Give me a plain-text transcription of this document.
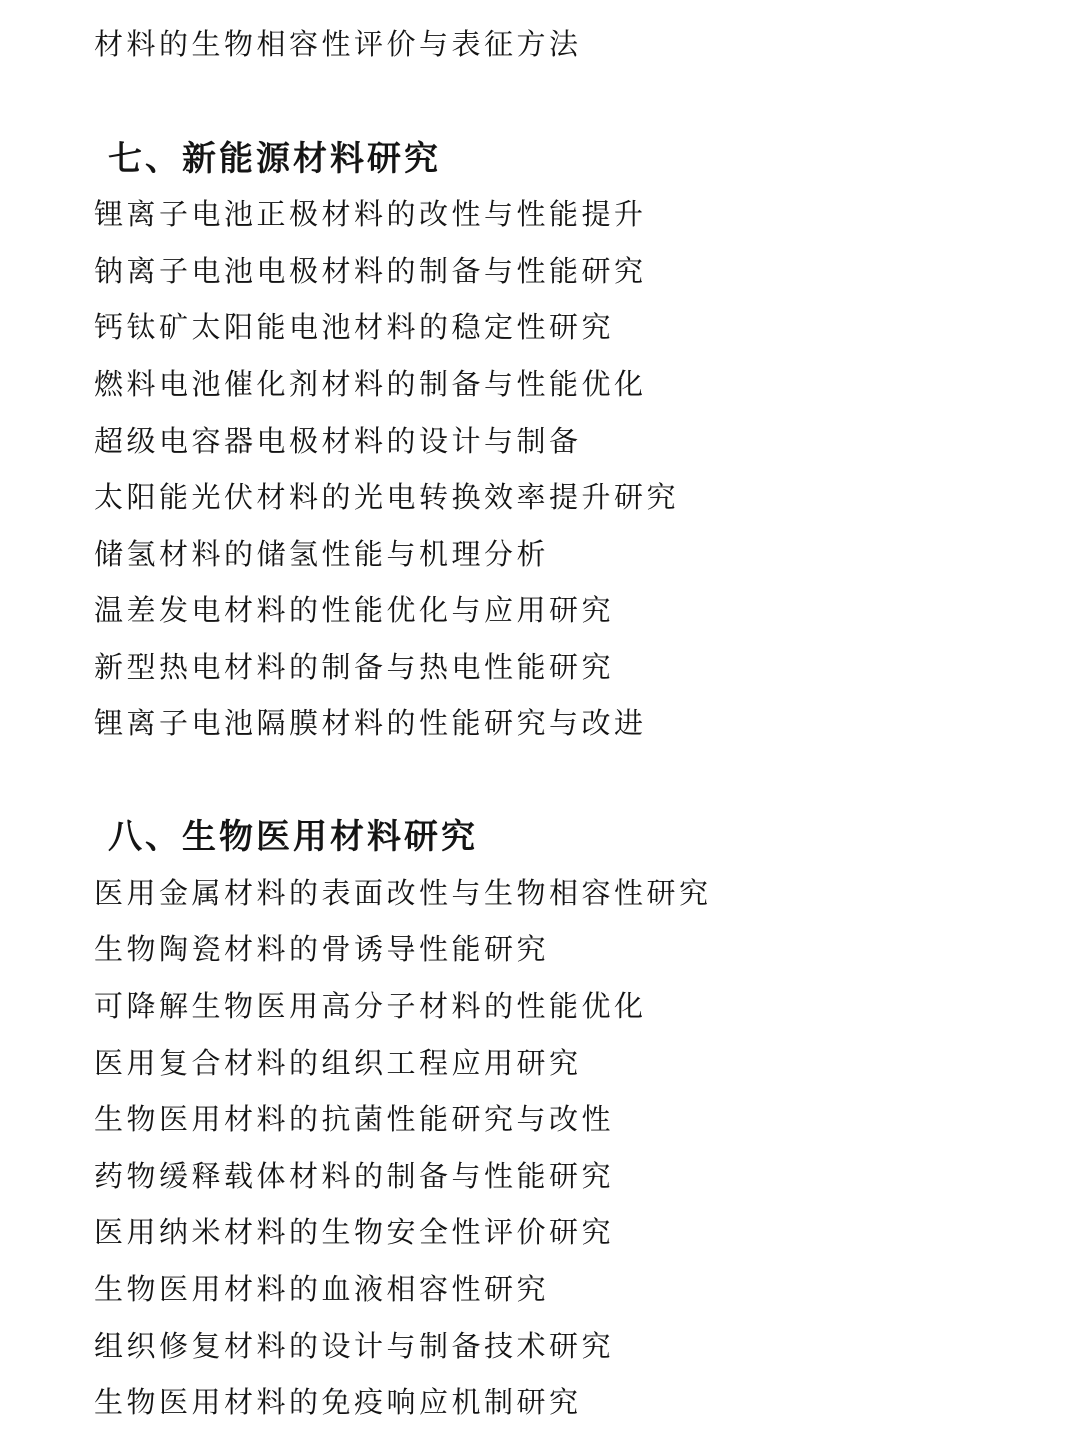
材料的生物相容性评价与表征方法
七、新能源材料研究
锂离子电池正极材料的改性与性能提升
钠离子电池电极材料的制备与性能研究
钙钛矿太阳能电池材料的稳定性研究
燃料电池催化剂材料的制备与性能优化
超级电容器电极材料的设计与制备
太阳能光伏材料的光电转换效率提升研究
储氢材料的储氢性能与机理分析
温差发电材料的性能优化与应用研究
新型热电材料的制备与热电性能研究
锂离子电池隔膜材料的性能研究与改进
八、生物医用材料研究
医用金属材料的表面改性与生物相容性研究
生物陶瓷材料的骨诱导性能研究
可降解生物医用高分子材料的性能优化
医用复合材料的组织工程应用研究
生物医用材料的抗菌性能研究与改性
药物缓释载体材料的制备与性能研究
医用纳米材料的生物安全性评价研究
生物医用材料的血液相容性研究
组织修复材料的设计与制备技术研究
生物医用材料的免疫响应机制研究
